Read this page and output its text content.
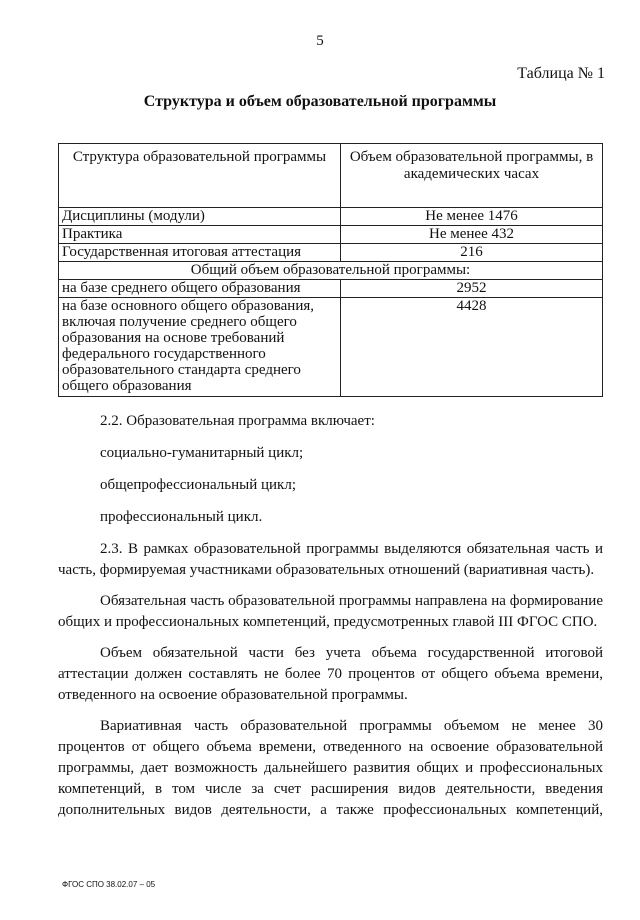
5
Таблица № 1
Структура и объем образовательной программы
Структура образовательной программы	Объем образовательной программы, в академических часах
Дисциплины (модули)	Не менее 1476
Практика	Не менее 432
Государственная итоговая аттестация	216
Общий объем образовательной программы:	
на базе среднего общего образования	2952
на базе основного общего образования, включая получение среднего общего образования на основе требований федерального государственного образовательного стандарта среднего общего образования	4428

2.2. Образовательная программа включает:

социально-гуманитарный цикл;

общепрофессиональный цикл;

профессиональный цикл.

2.3. В рамках образовательной программы выделяются обязательная часть и часть, формируемая участниками образовательных отношений (вариативная часть).

Обязательная часть образовательной программы направлена на формирование общих и профессиональных компетенций, предусмотренных главой III ФГОС СПО.

Объем обязательной части без учета объема государственной итоговой аттестации должен составлять не более 70 процентов от общего объема времени, отведенного на освоение образовательной программы.

Вариативная часть образовательной программы объемом не менее 30 процентов от общего объема времени, отведенного на освоение образовательной программы, дает возможность дальнейшего развития общих и профессиональных компетенций, в том числе за счет расширения видов деятельности, введения дополнительных видов деятельности, а также профессиональных компетенций,

ФГОС СПО 38.02.07 – 05
